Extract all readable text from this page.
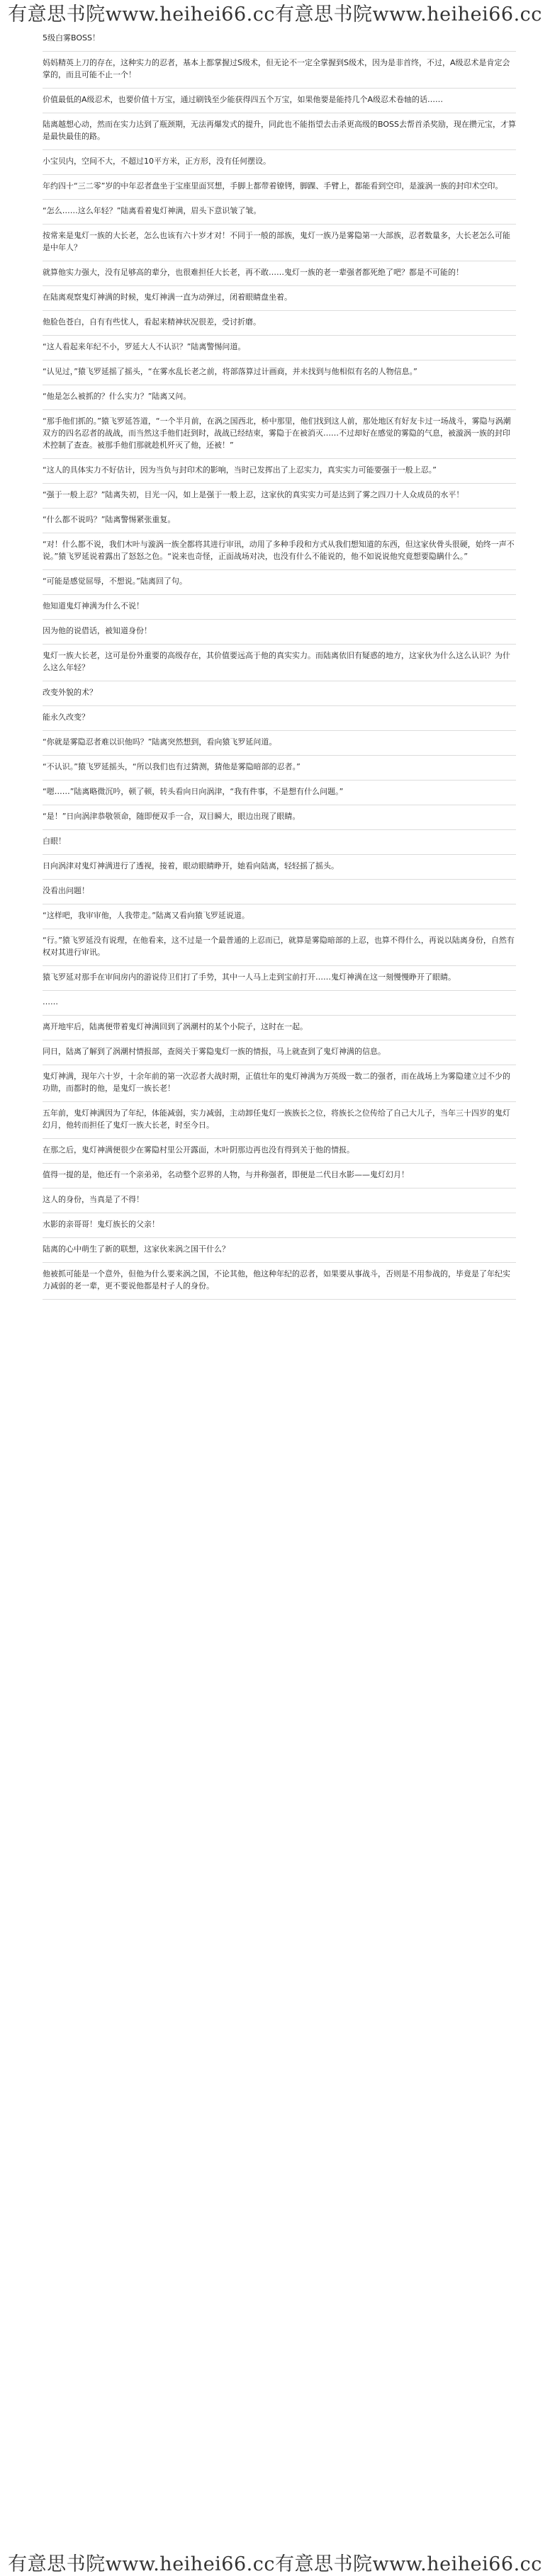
有意思书院www.heihei66.cc有意思书院www.heihei66.cc

5级白雾BOSS！

妈妈精英上刀的存在，这种实力的忍者，基本上都掌握过S级术，但无论不一定全掌握到S级术，因为是非首终，不过，A级忍术是肯定会掌的，而且可能不止一个！

价值最低的A级忍术，也要价值十万宝，通过刷钱至少能获得四五个万宝，如果他要是能持几个A级忍术卷轴的话……

陆离越想心动，然而在实力达到了瓶颈期，无法再爆发式的提升，同此也不能指望去击杀更高级的BOSS去帮首杀奖励，现在攒元宝，才算是最快最佳的路。

小宝贝内，空间不大，不超过10平方米，正方形，没有任何摆设。

年约四十“三二零”岁的中年忍者盘坐于宝座里面冥想，手脚上都带着镣铐，脚踝、手臂上，都能看到空印，是漩涡一族的封印术空印。

“怎么……这么年轻？”陆离看着鬼灯神满，眉头下意识皱了皱。

按常来是鬼灯一族的大长老，怎么也该有六十岁才对！不同于一般的部族，鬼灯一族乃是雾隐第一大部族，忍者数量多，大长老怎么可能是中年人？

就算他实力强大，没有足够高的辈分，也很难担任大长老，再不敢……鬼灯一族的老一辈强者都死绝了吧？都是不可能的！

在陆离观察鬼灯神满的时候，鬼灯神满一直为动弹过，闭着眼睛盘坐着。

他脸色苍白，自有有些忧人，看起来精神状况很差，受讨折磨。

“这人看起来年纪不小，罗延大人不认识？”陆离警惕问道。

“认见过，”猿飞罗延摇了摇头，“在雾水乱长老之前，将部落算过计画商，并未找到与他相似有名的人物信息。”

“他是怎么被抓的？什么实力？”陆离又问。

“那手他们抓的。”猿飞罗延答道，“一个半月前，在涡之国西北，桥中那里，他们找到这人前，那处地区有好友卡过一场战斗，雾隐与涡潮双方的四名忍者的战战，而当然这手他们赶到时，战战已经结束，雾隐于在被消灭……不过却好在感觉的雾隐的气息，被漩涡一族的封印术控制了查查。被那手他们那就趁机歼灭了他，还被！”

“这人的具体实力不好估计，因为当负与封印术的影响，当时已发挥出了上忍实力，真实实力可能要强于一般上忍。”

“强于一般上忍？”陆离失初，目光一闪，如上是强于一般上忍，这家伙的真实实力可是达到了雾之四刀十人众成员的水平！

“什么都不说吗？”陆离警惕紧张重复。

“对！什么都不说，我们木叶与漩涡一族全都将其进行审讯，动用了多种手段和方式从我们想知道的东西，但这家伙骨头很硬，始终一声不说。”猿飞罗延说着露出了怒怒之色。“说来也奇怪，正面战场对决，也没有什么不能说的，他不如说说他究竟想要隐瞒什么。”

“可能是感觉屈辱，不想说。”陆离回了句。

他知道鬼灯神满为什么不说！

因为他的说借话，被知道身份！

鬼灯一族大长老，这可是份外重要的高级存在，其价值要远高于他的真实实力。而陆离依旧有疑惑的地方，这家伙为什么这么认识？为什么这么年轻？

改变外貌的术？

能永久改变？

“你就是雾隐忍者难以识他吗？”陆离突然想到，看向猿飞罗延问道。

“不认识。”猿飞罗延摇头，“所以我们也有过猜测，猜他是雾隐暗部的忍者。”

“嗯……”陆离略微沉吟，顿了顿，转头看向日向涡津，“我有件事，不是想有什么问题。”

“是！”日向涡津恭敬领命，随即便双手一合，双目瞬大，眼边出现了眼睛。

白眼！

日向涡津对鬼灯神满进行了透视，接着，眼动眼睛睁开，她看向陆离，轻轻摇了摇头。

没看出问题！

“这样吧，我审审他，人我带走。”陆离又看向猿飞罗延说道。

“行。”猿飞罗延没有说理，在他看来，这不过是一个最普通的上忍而已，就算是雾隐暗部的上忍，也算不得什么，再说以陆离身份，自然有权对其进行审讯。

猿飞罗延对那手在审间房内的游说侍卫们打了手势，其中一人马上走到宝前打开……鬼灯神满在这一刻慢慢睁开了眼睛。

……

离开地牢后，陆离便带着鬼灯神满回到了涡潮村的某个小院子，这时在一起。

同日，陆离了解到了涡潮村情报部，查阅关于雾隐鬼灯一族的情报，马上就查到了鬼灯神满的信息。

鬼灯神满，现年六十岁，十余年前的第一次忍者大战时期，正值壮年的鬼灯神满为万英级一数二的强者，而在战场上为雾隐建立过不少的功勋，而都时的他，是鬼灯一族长老！

五年前，鬼灯神满因为了年纪，体能减弱，实力减弱，主动卸任鬼灯一族族长之位，将族长之位传给了自己大儿子，当年三十四岁的鬼灯幻月，他转而担任了鬼灯一族大长老，时至今日。

在那之后，鬼灯神满便很少在雾隐村里公开露面，木叶阴那边再也没有得到关于他的情报。

值得一提的是，他还有一个亲弟弟，名动整个忍界的人物，与并称强者，即便是二代目水影——鬼灯幻月！

这人的身份，当真是了不得！

水影的亲哥哥！鬼灯族长的父亲！

陆离的心中萌生了新的联想，这家伙来涡之国干什么？

他被抓可能是一个意外，但他为什么要来涡之国，不论其他，他这种年纪的忍者，如果要从事战斗，否则是不用参战的，毕竟是了年纪实力减弱的老一辈，更不要说他都是村子人的身份。

有意思书院www.heihei66.cc有意思书院www.heihei66.cc
